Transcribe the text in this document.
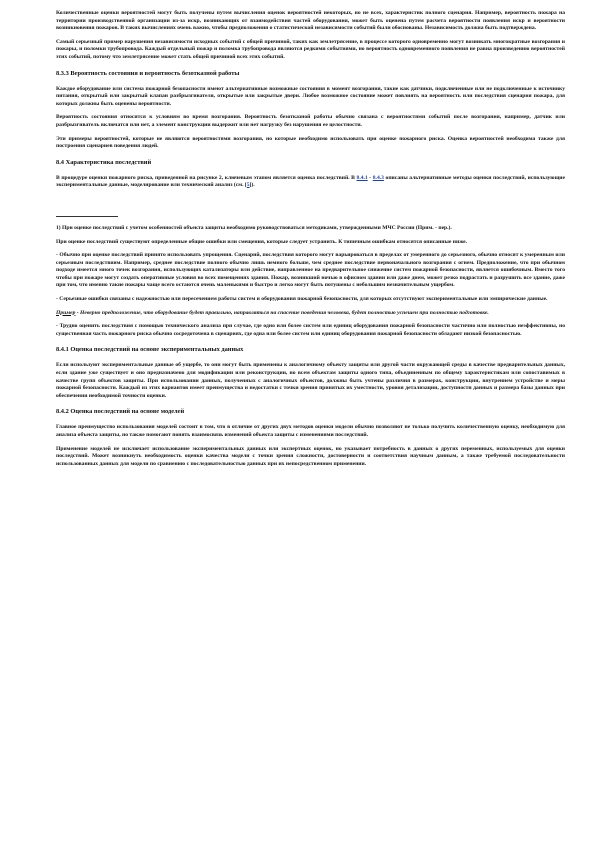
Количественные оценки вероятностей могут быть получены путем вычисления оценок вероятностей некоторых, но не всех, характеристик полного сценария. Например, вероятность пожара на территории производственной организации из-за искр, возникающих от взаимодействия частей оборудования, может быть оценена путем расчета вероятности появления искр и вероятности возникновения пожаров. В таких вычислениях очень важно, чтобы предположения о статистической независимости событий были обоснованы. Независимость должна быть подтверждена.

Самый серьезный пример нарушения независимости исходных событий с общей причиной, таких как землетрясение, в процессе которого одновременно могут возникать многократные возгорания и пожары, и поломки трубопровода. Каждый отдельный пожар и поломка трубопровода являются редкими событиями, но вероятность одновременного появления не равна произведению вероятностей этих событий, потому что землетрясение может стать общей причиной всех этих событий.

8.3.3 Вероятность состояния и вероятность безотказной работы

Каждое оборудование или система пожарной безопасности имеют альтернативные возможные состояния в момент возгорания, такие как датчики, подключенные или не подключенные к источнику питания, открытый или закрытый клапан разбрызгивателя, открытые или закрытые двери. Любое возможное состояние может повлиять на вероятность или последствия сценария пожара, для которых должны быть оценены вероятности.

Вероятность состояния относится к условиям во время возгорания. Вероятность безотказной работы обычно связана с вероятностями событий после возгорания, например, датчик или разбрызгиватель включатся или нет, а элемент конструкции выдержит или нет нагрузку без нарушения ее целостности.

Эти примеры вероятностей, которые не являются вероятностями возгорания, но которые необходимо использовать при оценке пожарного риска. Оценка вероятностей необходима также для построения сценариев поведения людей.

8.4 Характеристика последствий

В процедуре оценки пожарного риска, приведенной на рисунке 2, ключевым этапом является оценка последствий. В 8.4.1 - 8.4.3 описаны альтернативные методы оценки последствий, использующие экспериментальные данные, моделирование или технический анализ (см. [5]).

1) При оценке последствий с учетом особенностей объекта защиты необходимо руководствоваться методиками, утвержденными МЧС России (Прим. - пер.).

При оценке последствий существуют определенные общие ошибки или смещения, которые следует устранить. К типичным ошибкам относятся описанные ниже.

- Обычно при оценке последствий принято использовать упрощения. Сценарий, последствия которого могут варьироваться в пределах от умеренного до серьезного, обычно относят к умеренным или серьезным последствиям. Например, среднее последствие полного обычно лишь немного больше, чем среднее последствие первоначального возгорания с огнем. Предположение, что при обычном подходе имеется много точек возгорания, использующих катализаторы или действие, направленное на предварительное снижение систем пожарной безопасности, является ошибочным. Вместо того чтобы при пожаре могут создать оперативные условия во всех помещениях здания. Пожар, возникший ночью в офисном здании или даже днем, может резко подрастать и разрушить все здание, даже при том, что именно такие пожары чаще всего остаются очень маленькими и быстро и легко могут быть потушены с небольшим незначительным ущербом.

- Серьезные ошибки связаны с надежностью или пересечением работы систем и оборудования пожарной безопасности, для которых отсутствуют экспериментальные или эмпирические данные.

Пример - Неверно предположение, что оборудование будет правильно, направляться на спасение поведения человека, будет полностью успешен при полностью подготовке.

- Трудно оценить последствия с помощью технического анализа при случае, где одно или более систем или единиц оборудования пожарной безопасности частично или полностью неэффективны, но существенная часть пожарного риска обычно сосредоточена в сценариях, где одна или более систем или единиц оборудования пожарной безопасности обладают низкой безопасностью.

8.4.1 Оценка последствий на основе экспериментальных данных

Если используют экспериментальные данные об ущербе, то они могут быть применены к аналогичному объекту защиты или другой части окружающей среды в качестве предварительных данных, если здание уже существует и оно предназначено для модификации или реконструкции, но всем объектам защиты одного типа, объединенным по общему характеристикам или сопоставимых в качестве групп объектов защиты. При использовании данных, полученных с аналогичных объектов, должны быть учтены различия в размерах, конструкции, внутреннем устройстве и меры пожарной безопасности. Каждый из этих вариантов имеет преимущества и недостатки с точки зрения принятых их уместности, уровня детализации, доступности данных и размера базы данных при обеспечении необходимой точности оценки.

8.4.2 Оценка последствий на основе моделей

Главное преимущество использования моделей состоит в том, что в отличие от других двух методов оценки модели обычно позволяют не только получить количественную оценку, необходимую для анализа объекта защиты, но также помогают понять взаимосвязь изменений объекта защиты с изменениями последствий.

Применение моделей не исключает использование экспериментальных данных или экспертных оценок, но указывает потребность в данных о других переменных, используемых для оценки последствий. Может возникнуть необходимость оценки качества модели с точки зрения сложности, достоверности и соответствия научным данным, а также требуемой последовательности использованных данных для модели по сравнению с последовательностью данных при их непосредственном применении.
